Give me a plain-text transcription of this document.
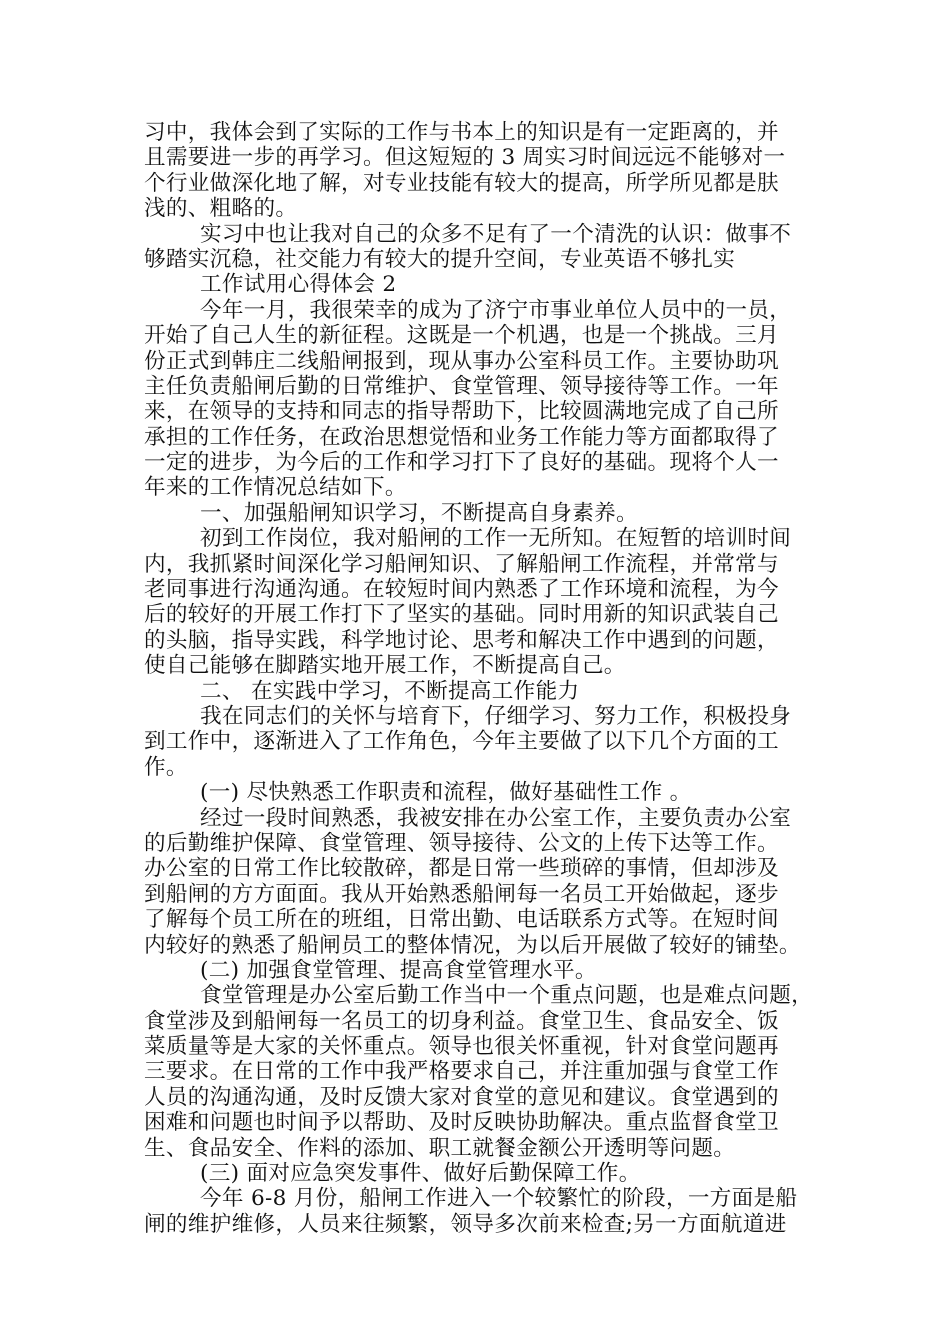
习中，我体会到了实际的工作与书本上的知识是有一定距离的，并
且需要进一步的再学习。但这短短的 3 周实习时间远远不能够对一
个行业做深化地了解，对专业技能有较大的提高，所学所见都是肤
浅的、粗略的。
实习中也让我对自己的众多不足有了一个清洗的认识：做事不
够踏实沉稳，社交能力有较大的提升空间，专业英语不够扎实
工作试用心得体会 2
今年一月，我很荣幸的成为了济宁市事业单位人员中的一员，
开始了自己人生的新征程。这既是一个机遇，也是一个挑战。三月
份正式到韩庄二线船闸报到，现从事办公室科员工作。主要协助巩
主任负责船闸后勤的日常维护、食堂管理、领导接待等工作。一年
来，在领导的支持和同志的指导帮助下，比较圆满地完成了自己所
承担的工作任务，在政治思想觉悟和业务工作能力等方面都取得了
一定的进步，为今后的工作和学习打下了良好的基础。现将个人一
年来的工作情况总结如下。
一、加强船闸知识学习，不断提高自身素养。
初到工作岗位，我对船闸的工作一无所知。在短暂的培训时间
内，我抓紧时间深化学习船闸知识、了解船闸工作流程，并常常与
老同事进行沟通沟通。在较短时间内熟悉了工作环境和流程，为今
后的较好的开展工作打下了坚实的基础。同时用新的知识武装自己
的头脑，指导实践，科学地讨论、思考和解决工作中遇到的问题，
使自己能够在脚踏实地开展工作，不断提高自己。
二、 在实践中学习，不断提高工作能力
我在同志们的关怀与培育下，仔细学习、努力工作，积极投身
到工作中，逐渐进入了工作角色，今年主要做了以下几个方面的工
作。
(一) 尽快熟悉工作职责和流程，做好基础性工作 。
经过一段时间熟悉，我被安排在办公室工作，主要负责办公室
的后勤维护保障、食堂管理、领导接待、公文的上传下达等工作。
办公室的日常工作比较散碎，都是日常一些琐碎的事情，但却涉及
到船闸的方方面面。我从开始熟悉船闸每一名员工开始做起，逐步
了解每个员工所在的班组，日常出勤、电话联系方式等。在短时间
内较好的熟悉了船闸员工的整体情况，为以后开展做了较好的铺垫。
(二) 加强食堂管理、提高食堂管理水平。
食堂管理是办公室后勤工作当中一个重点问题，也是难点问题，
食堂涉及到船闸每一名员工的切身利益。食堂卫生、食品安全、饭
菜质量等是大家的关怀重点。领导也很关怀重视，针对食堂问题再
三要求。在日常的工作中我严格要求自己，并注重加强与食堂工作
人员的沟通沟通，及时反馈大家对食堂的意见和建议。食堂遇到的
困难和问题也时间予以帮助、及时反映协助解决。重点监督食堂卫
生、食品安全、作料的添加、职工就餐金额公开透明等问题。
(三) 面对应急突发事件、做好后勤保障工作。
今年 6-8 月份，船闸工作进入一个较繁忙的阶段，一方面是船
闸的维护维修，人员来往频繁，领导多次前来检查;另一方面航道进
